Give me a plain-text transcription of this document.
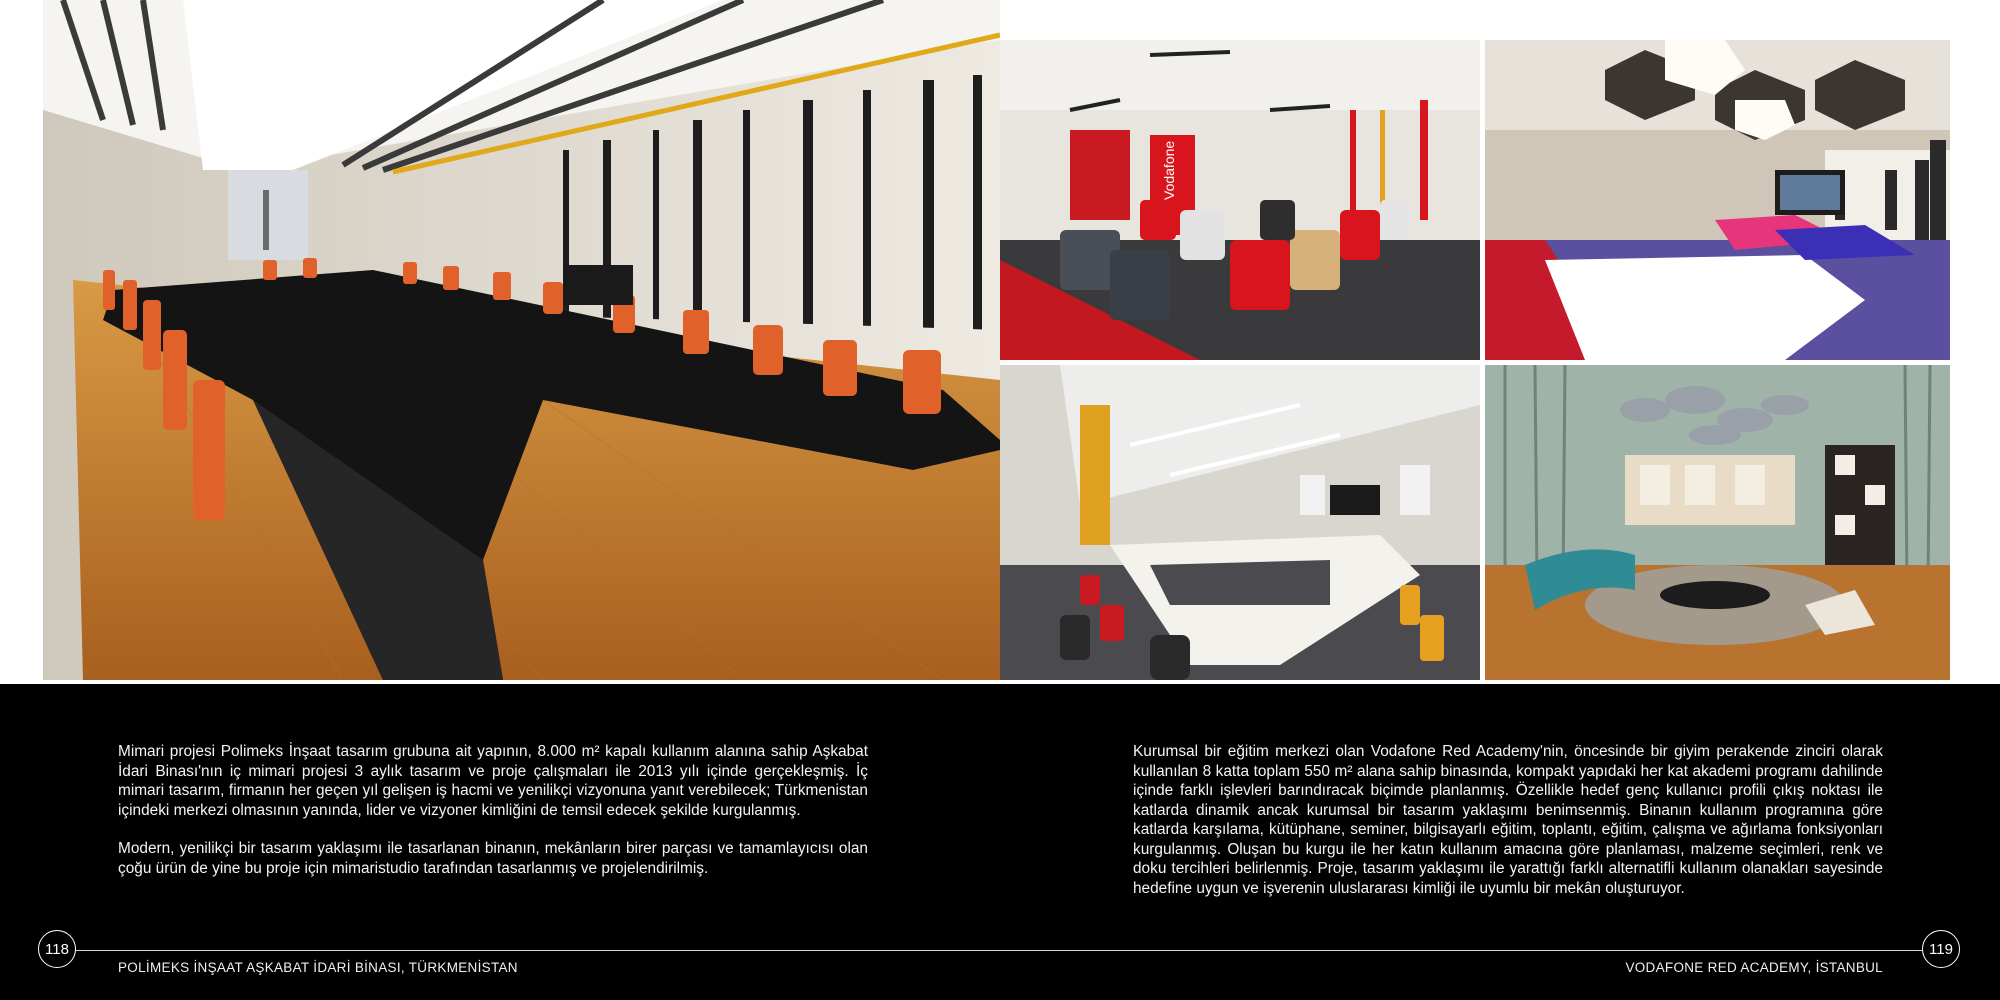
Vodafone

Mimari projesi Polimeks İnşaat tasarım grubuna ait yapının, 8.000 m² kapalı kullanım alanına sahip Aşkabat İdari Binası'nın iç mimari projesi 3 aylık tasarım ve proje çalışmaları ile 2013 yılı içinde gerçekleşmiş. İç mimari tasarım, firmanın her geçen yıl gelişen iş hacmi ve yenilikçi vizyonuna yanıt verebilecek; Türkmenistan içindeki merkezi olmasının yanında, lider ve vizyoner kimliğini de temsil edecek şekilde kurgulanmış.

Modern, yenilikçi bir tasarım yaklaşımı ile tasarlanan binanın, mekânların birer parçası ve tamamlayıcısı olan çoğu ürün de yine bu proje için mimaristudio tarafından tasarlanmış ve projelendirilmiş.

Kurumsal bir eğitim merkezi olan Vodafone Red Academy'nin, öncesinde bir giyim perakende zinciri olarak kullanılan 8 katta toplam 550 m² alana sahip binasında, kompakt yapıdaki her kat akademi programı dahilinde içinde farklı işlevleri barındıracak biçimde planlanmış. Özellikle hedef genç kullanıcı profili çıkış noktası ile katlarda dinamik ancak kurumsal bir tasarım yaklaşımı benimsenmiş. Binanın kullanım programına göre katlarda karşılama, kütüphane, seminer, bilgisayarlı eğitim, toplantı, eğitim, çalışma ve ağırlama fonksiyonları kurgulanmış. Oluşan bu kurgu ile her katın kullanım amacına göre planlaması, malzeme seçimleri, renk ve doku tercihleri belirlenmiş. Proje, tasarım yaklaşımı ile yarattığı farklı alternatifli kullanım olanakları sayesinde hedefine uygun ve işverenin uluslararası kimliği ile uyumlu bir mekân oluşturuyor.

118	119
POLİMEKS İNŞAAT AŞKABAT İDARİ BİNASI, TÜRKMENİSTAN	VODAFONE RED ACADEMY, İSTANBUL
